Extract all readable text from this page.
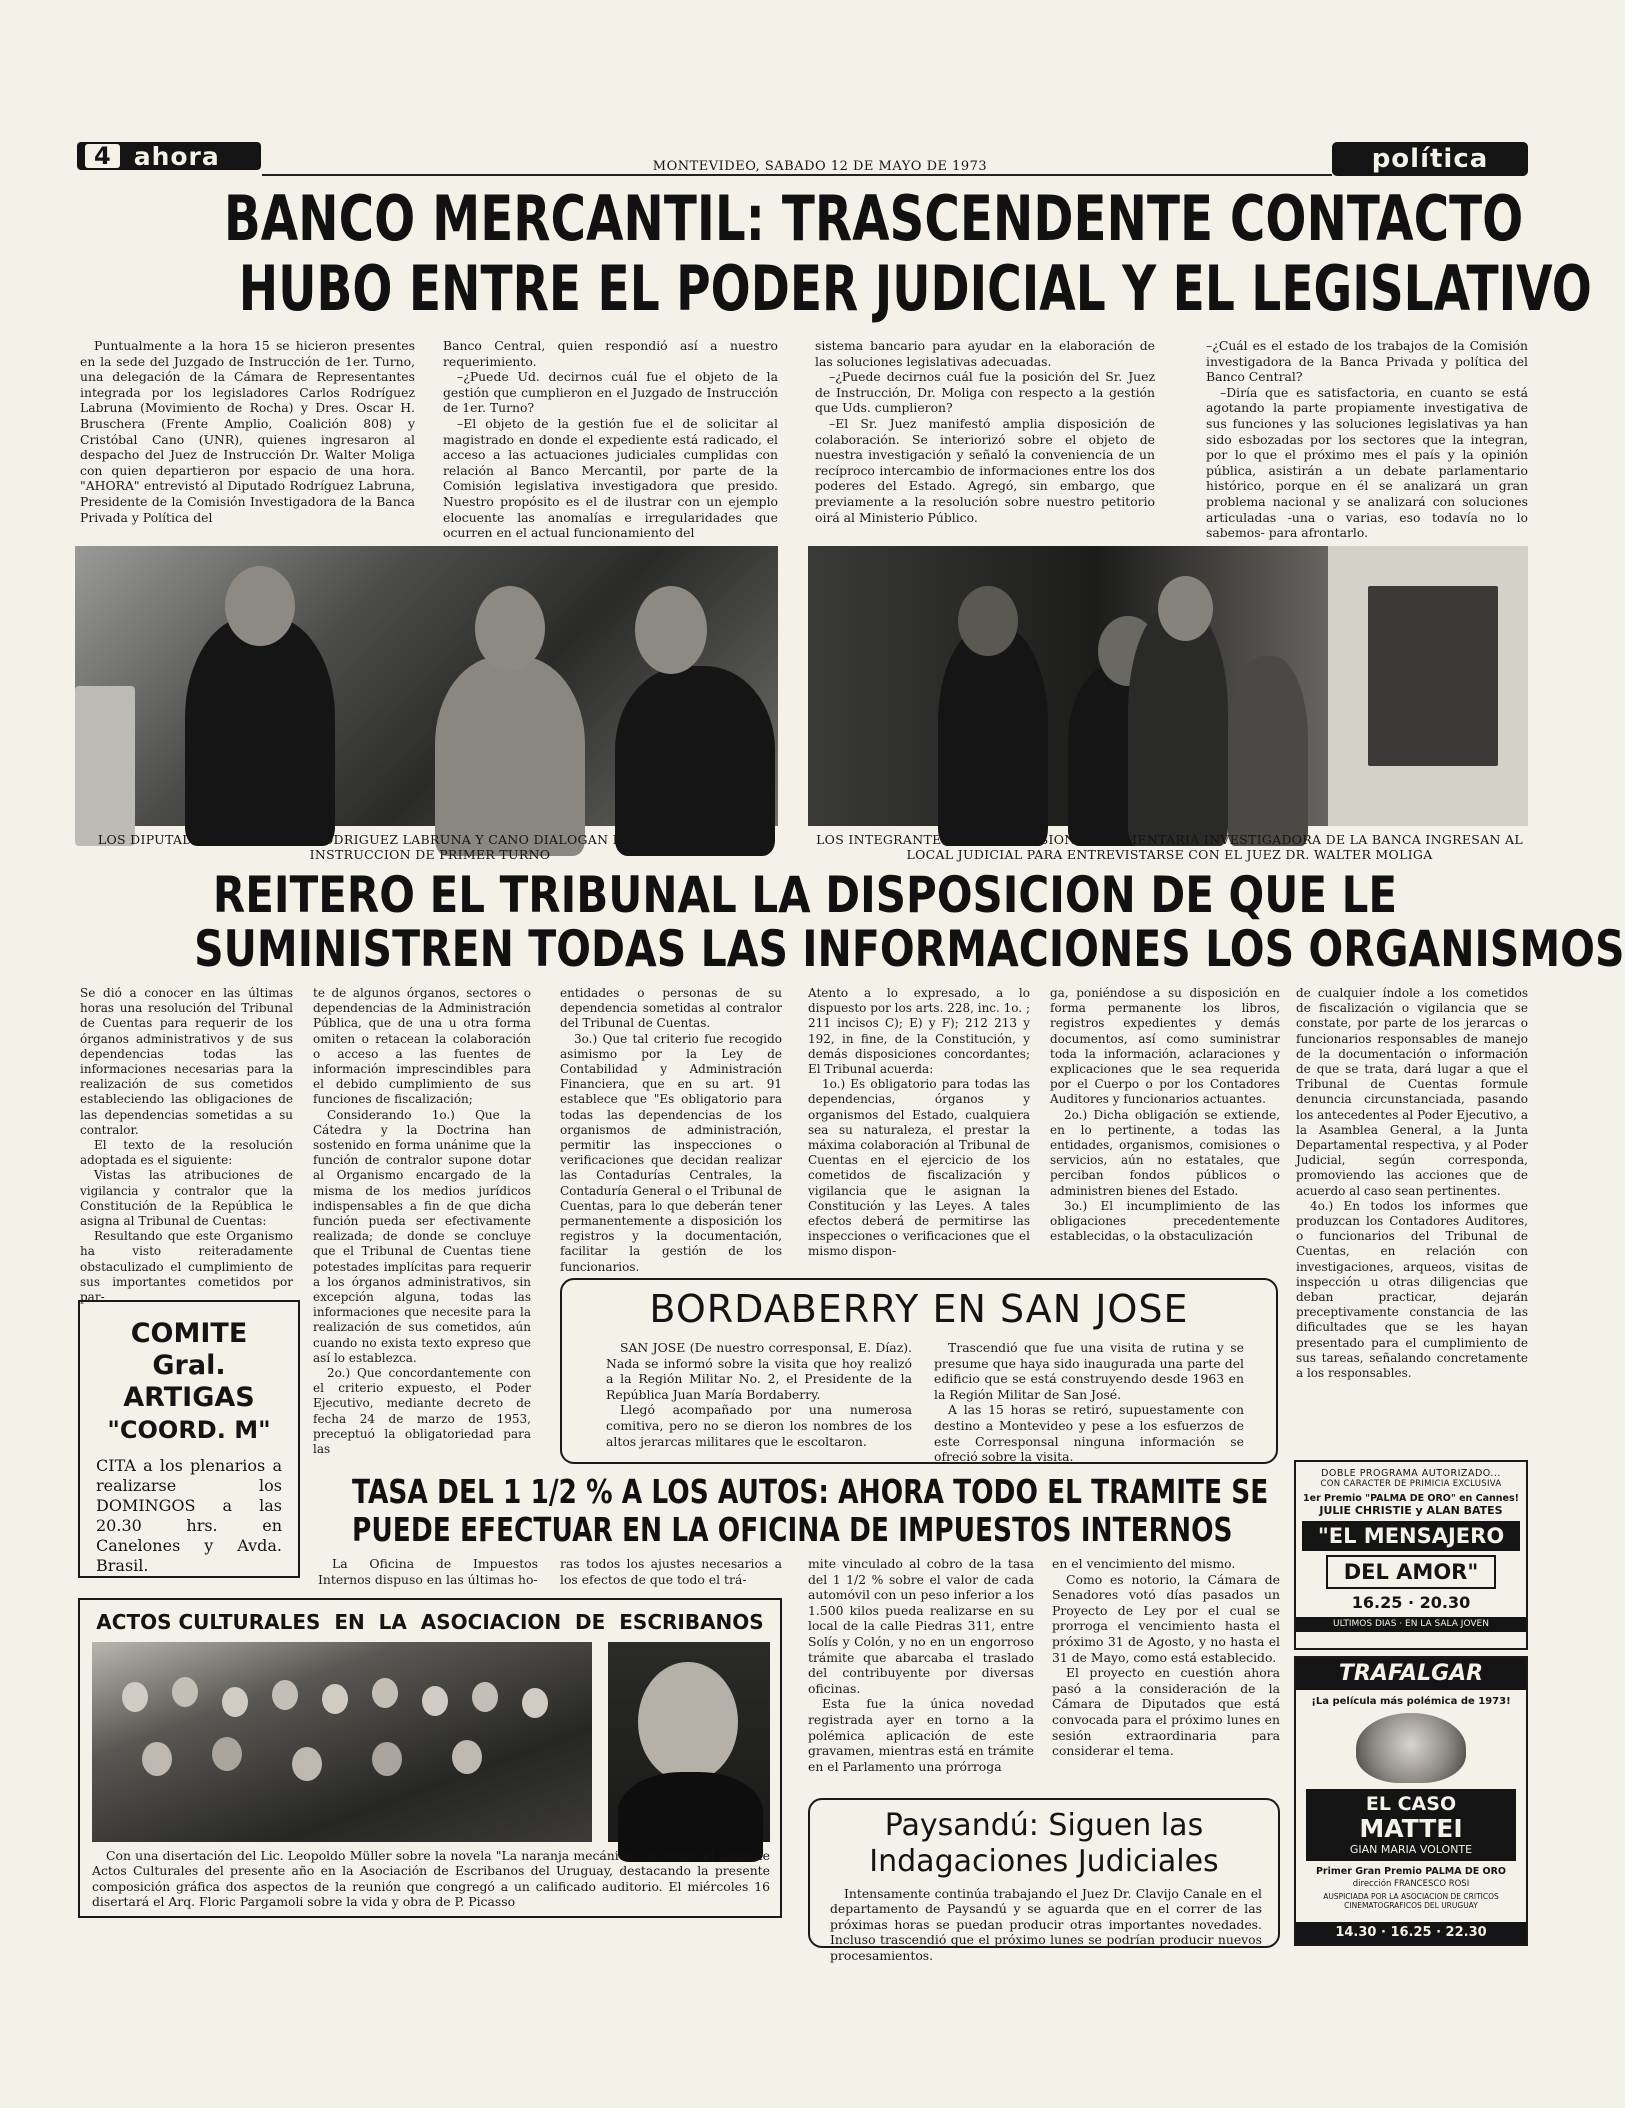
4 ahora	MONTEVIDEO, SABADO 12 DE MAYO DE 1973	política
BANCO MERCANTIL: TRASCENDENTE CONTACTO
HUBO ENTRE EL PODER JUDICIAL Y EL LEGISLATIVO

Puntualmente a la hora 15 se hicieron presentes en la sede del Juzgado de Instrucción de 1er. Turno, una delegación de la Cámara de Representantes integrada por los legisladores Carlos Rodríguez Labruna (Movimiento de Rocha) y Dres. Oscar H. Bruschera (Frente Amplio, Coalición 808) y Cristóbal Cano (UNR), quienes ingresaron al despacho del Juez de Instrucción Dr. Walter Moliga con quien departieron por espacio de una hora. "AHORA" entrevistó al Diputado Rodríguez Labruna, Presidente de la Comisión Investigadora de la Banca Privada y Política del

Banco Central, quien respondió así a nuestro requerimiento.

–¿Puede Ud. decirnos cuál fue el objeto de la gestión que cumplieron en el Juzgado de Instrucción de 1er. Turno?

–El objeto de la gestión fue el de solicitar al magistrado en donde el expediente está radicado, el acceso a las actuaciones judiciales cumplidas con relación al Banco Mercantil, por parte de la Comisión legislativa investigadora que presido. Nuestro propósito es el de ilustrar con un ejemplo elocuente las anomalías e irregularidades que ocurren en el actual funcionamiento del

sistema bancario para ayudar en la elaboración de las soluciones legislativas adecuadas.

–¿Puede decirnos cuál fue la posición del Sr. Juez de Instrucción, Dr. Moliga con respecto a la gestión que Uds. cumplieron?

–El Sr. Juez manifestó amplia disposición de colaboración. Se interiorizó sobre el objeto de nuestra investigación y señaló la conveniencia de un recíproco intercambio de informaciones entre los dos poderes del Estado. Agregó, sin embargo, que previamente a la resolución sobre nuestro petitorio oirá al Ministerio Público.

–¿Cuál es el estado de los trabajos de la Comisión investigadora de la Banca Privada y política del Banco Central?

–Diría que es satisfactoria, en cuanto se está agotando la parte propiamente investigativa de sus funciones y las soluciones legislativas ya han sido esbozadas por los sectores que la integran, por lo que el próximo mes el país y la opinión pública, asistirán a un debate parlamentario histórico, porque en él se analizará un gran problema nacional y se analizará con soluciones articuladas -una o varias, eso todavía no lo sabemos- para afrontarlo.

LOS DIPUTADOS BRUSCHERA, RODRIGUEZ LABRUNA Y CANO DIALOGAN FRENTE AL JUZGADO INSTRUCCION DE PRIMER TURNO
LOS INTEGRANTES DE LA COMISION PARLAMENTARIA INVESTIGADORA DE LA BANCA INGRESAN AL LOCAL JUDICIAL PARA ENTREVISTARSE CON EL JUEZ DR. WALTER MOLIGA
REITERO EL TRIBUNAL LA DISPOSICION DE QUE LE
SUMINISTREN TODAS LAS INFORMACIONES LOS ORGANISMOS

Se dió a conocer en las últimas horas una resolución del Tribunal de Cuentas para requerir de los órganos administrativos y de sus dependencias todas las informaciones necesarias para la realización de sus cometidos estableciendo las obligaciones de las dependencias sometidas a su contralor.

El texto de la resolución adoptada es el siguiente:

Vistas las atribuciones de vigilancia y contralor que la Constitución de la República le asigna al Tribunal de Cuentas:

Resultando que este Organismo ha visto reiteradamente obstaculizado el cumplimiento de sus importantes cometidos por par-

te de algunos órganos, sectores o dependencias de la Administración Pública, que de una u otra forma omiten o retacean la colaboración o acceso a las fuentes de información imprescindibles para el debido cumplimiento de sus funciones de fiscalización;

Considerando 1o.) Que la Cátedra y la Doctrina han sostenido en forma unánime que la función de contralor supone dotar al Organismo encargado de la misma de los medios jurídicos indispensables a fin de que dicha función pueda ser efectivamente realizada; de donde se concluye que el Tribunal de Cuentas tiene potestades implícitas para requerir a los órganos administrativos, sin excepción alguna, todas las informaciones que necesite para la realización de sus cometidos, aún cuando no exista texto expreso que así lo establezca.

2o.) Que concordantemente con el criterio expuesto, el Poder Ejecutivo, mediante decreto de fecha 24 de marzo de 1953, preceptuó la obligatoriedad para las

entidades o personas de su dependencia sometidas al contralor del Tribunal de Cuentas.

3o.) Que tal criterio fue recogido asimismo por la Ley de Contabilidad y Administración Financiera, que en su art. 91 establece que "Es obligatorio para todas las dependencias de los organismos de administración, permitir las inspecciones o verificaciones que decidan realizar las Contadurías Centrales, la Contaduría General o el Tribunal de Cuentas, para lo que deberán tener permanentemente a disposición los registros y la documentación, facilitar la gestión de los funcionarios.

Atento a lo expresado, a lo dispuesto por los arts. 228, inc. 1o. ; 211 incisos C); E) y F); 212 213 y 192, in fine, de la Constitución, y demás disposiciones concordantes; El Tribunal acuerda:

1o.) Es obligatorio para todas las dependencias, órganos y organismos del Estado, cualquiera sea su naturaleza, el prestar la máxima colaboración al Tribunal de Cuentas en el ejercicio de los cometidos de fiscalización y vigilancia que le asignan la Constitución y las Leyes. A tales efectos deberá de permitirse las inspecciones o verificaciones que el mismo dispon-

ga, poniéndose a su disposición en forma permanente los libros, registros expedientes y demás documentos, así como suministrar toda la información, aclaraciones y explicaciones que le sea requerida por el Cuerpo o por los Contadores Auditores y funcionarios actuantes.

2o.) Dicha obligación se extiende, en lo pertinente, a todas las entidades, organismos, comisiones o servicios, aún no estatales, que perciban fondos públicos o administren bienes del Estado.

3o.) El incumplimiento de las obligaciones precedentemente establecidas, o la obstaculización

de cualquier índole a los cometidos de fiscalización o vigilancia que se constate, por parte de los jerarcas o funcionarios responsables de manejo de la documentación o información de que se trata, dará lugar a que el Tribunal de Cuentas formule denuncia circunstanciada, pasando los antecedentes al Poder Ejecutivo, a la Asamblea General, a la Junta Departamental respectiva, y al Poder Judicial, según corresponda, promoviendo las acciones que de acuerdo al caso sean pertinentes.

4o.) En todos los informes que produzcan los Contadores Auditores, o funcionarios del Tribunal de Cuentas, en relación con investigaciones, arqueos, visitas de inspección u otras diligencias que deban practicar, dejarán preceptivamente constancia de las dificultades que se les hayan presentado para el cumplimiento de sus tareas, señalando concretamente a los responsables.

COMITE
Gral.
ARTIGAS
"COORD. M"
CITA a los plenarios a realizarse los DOMINGOS a las 20.30 hrs. en Canelones y Avda. Brasil.
BORDABERRY EN SAN JOSE

SAN JOSE (De nuestro corresponsal, E. Díaz). Nada se informó sobre la visita que hoy realizó a la Región Militar No. 2, el Presidente de la República Juan María Bordaberry.

Llegó acompañado por una numerosa comitiva, pero no se dieron los nombres de los altos jerarcas militares que le escoltaron.

Trascendió que fue una visita de rutina y se presume que haya sido inaugurada una parte del edificio que se está construyendo desde 1963 en la Región Militar de San José.

A las 15 horas se retiró, supuestamente con destino a Montevideo y pese a los esfuerzos de este Corresponsal ninguna información se ofreció sobre la visita.

TASA DEL 1 1/2 % A LOS AUTOS: AHORA TODO EL TRAMITE SE
PUEDE EFECTUAR EN LA OFICINA DE IMPUESTOS INTERNOS

La Oficina de Impuestos Internos dispuso en las últimas ho-

ras todos los ajustes necesarios a los efectos de que todo el trá-

mite vinculado al cobro de la tasa del 1 1/2 % sobre el valor de cada automóvil con un peso inferior a los 1.500 kilos pueda realizarse en su local de la calle Piedras 311, entre Solís y Colón, y no en un engorroso trámite que abarcaba el traslado del contribuyente por diversas oficinas.

Esta fue la única novedad registrada ayer en torno a la polémica aplicación de este gravamen, mientras está en trámite en el Parlamento una prórroga

en el vencimiento del mismo.

Como es notorio, la Cámara de Senadores votó días pasados un Proyecto de Ley por el cual se prorroga el vencimiento hasta el próximo 31 de Agosto, y no hasta el 31 de Mayo, como está establecido.

El proyecto en cuestión ahora pasó a la consideración de la Cámara de Diputados que está convocada para el próximo lunes en sesión extraordinaria para considerar el tema.

ACTOS CULTURALES  EN  LA  ASOCIACION  DE  ESCRIBANOS
Con una disertación del Lic. Leopoldo Müller sobre la novela "La naranja mecánica", se inició el Ciclo de Actos Culturales del presente año en la Asociación de Escribanos del Uruguay, destacando la presente composición gráfica dos aspectos de la reunión que congregó a un calificado auditorio. El miércoles 16 disertará el Arq. Floric Pargamoli sobre la vida y obra de P. Picasso
Paysandú: Siguen las
Indagaciones Judiciales
Intensamente continúa trabajando el Juez Dr. Clavijo Canale en el departamento de Paysandú y se aguarda que en el correr de las próximas horas se puedan producir otras importantes novedades. Incluso trascendió que el próximo lunes se podrían producir nuevos procesamientos.
DOBLE PROGRAMA AUTORIZADO...
CON CARACTER DE PRIMICIA EXCLUSIVA
1er Premio "PALMA DE ORO" en Cannes!
JULIE CHRISTIE y ALAN BATES
"EL MENSAJERO
DEL AMOR"
16.25 · 20.30
ULTIMOS DIAS · EN LA SALA JOVEN
TRAFALGAR
¡La película más polémica de 1973!
EL CASO
MATTEI
GIAN MARIA VOLONTE
Primer Gran Premio PALMA DE ORO
dirección FRANCESCO ROSI
AUSPICIADA POR LA ASOCIACION DE CRITICOS CINEMATOGRAFICOS DEL URUGUAY
14.30 · 16.25 · 22.30
